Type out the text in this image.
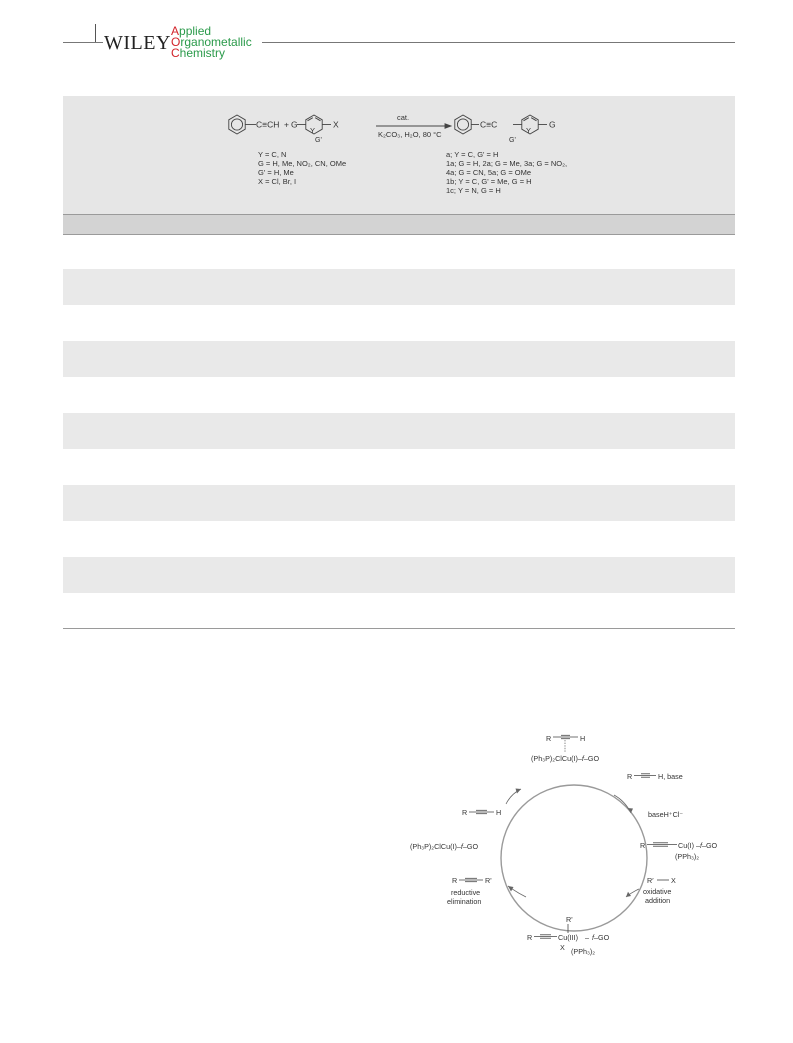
WILEY
Applied
Organometallic
Chemistry
C≡CH + G	X
Y
G'
cat.
K₂CO₃, H₂O, 80 °C
C≡C	G
Y
G'
Y = C, N
G = H, Me, NO₂, CN, OMe
G' = H, Me
X = Cl, Br, I
a; Y = C, G' = H
1a; G = H, 2a; G = Me, 3a; G = NO₂,
4a; G = CN, 5a; G = OMe
1b; Y = C, G' = Me, G = H
1c; Y = N, G = H
R	H
(Ph₃P)₂ClCu(I)–f–GO
R	H, base
baseH⁺Cl⁻
R	Cu(I) –f–GO
(PPh₃)₂
R′ X
oxidative
addition
R'
R	Cu(III) – f–GO
X (PPh₃)₂
R	H
(Ph₃P)₂ClCu(I)–f–GO
R	R'
reductive
elimination
